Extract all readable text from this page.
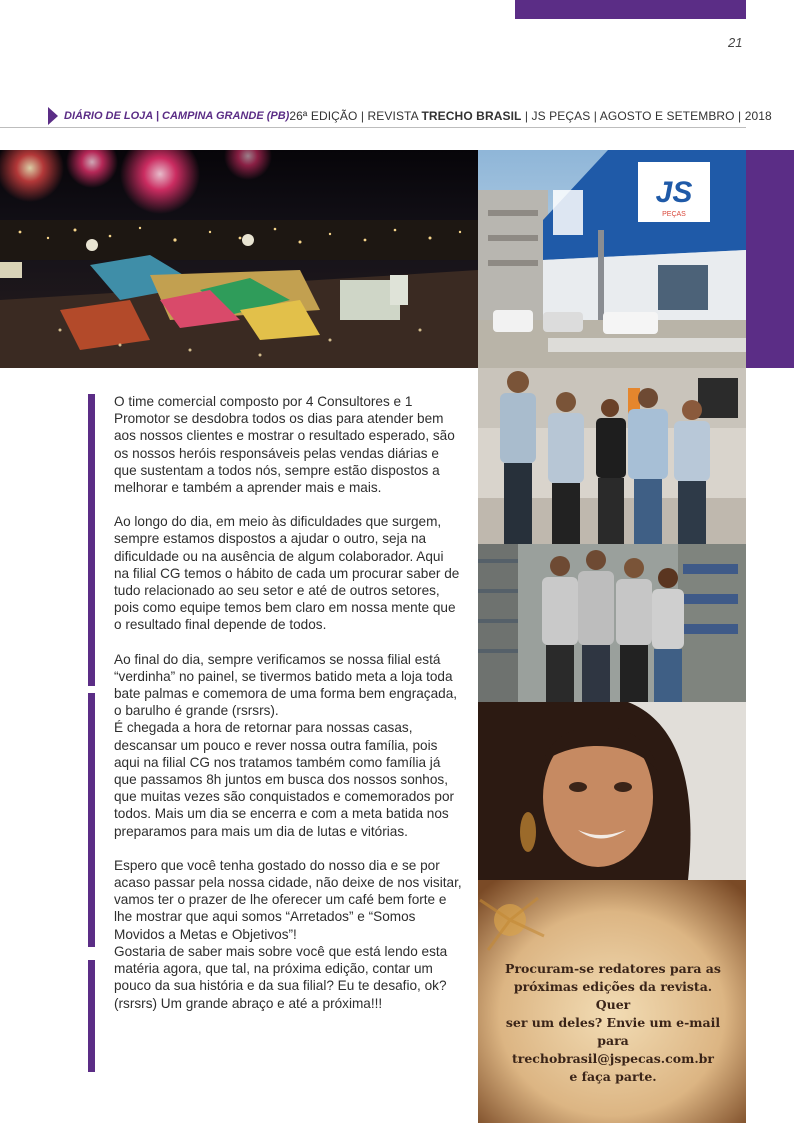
21
DIÁRIO DE LOJA | CAMPINA GRANDE (PB) 26ª EDIÇÃO | REVISTA TRECHO BRASIL | JS PEÇAS | AGOSTO E SETEMBRO | 2018
JS
PEÇAS
Procuram-se redatores para as
próximas edições da revista. Quer
ser um deles? Envie um e-mail
para trechobrasil@jspecas.com.br
e faça parte.

O time comercial composto por 4 Consultores e 1 Promotor se desdobra todos os dias para atender bem aos nossos clientes e mostrar o resultado esperado, são os nossos heróis responsáveis pelas vendas diárias e que sustentam a todos nós, sempre estão dispostos a melhorar e também a aprender mais e mais.

Ao longo do dia, em meio às dificuldades que surgem, sempre estamos dispostos a ajudar o outro, seja na dificuldade ou na ausência de algum colaborador. Aqui na filial CG temos o hábito de cada um procurar saber de tudo relacionado ao seu setor e até de outros setores, pois como equipe temos bem claro em nossa mente que o resultado final depende de todos.

Ao final do dia, sempre verificamos se nossa filial está “verdinha” no painel, se tivermos batido meta a loja toda bate palmas e comemora de uma forma bem engraçada, o barulho é grande (rsrsrs).

É chegada a hora de retornar para nossas casas, descansar um pouco e rever nossa outra família, pois aqui na filial CG nos tratamos também como família já que passamos 8h juntos em busca dos nossos sonhos, que muitas vezes são conquistados e comemorados por todos. Mais um dia se encerra e com a meta batida nos preparamos para mais um dia de lutas e vitórias.

Espero que você tenha gostado do nosso dia e se por acaso passar pela nossa cidade, não deixe de nos visitar, vamos ter o prazer de lhe oferecer um café bem forte e lhe mostrar que aqui somos “Arretados” e “Somos Movidos a Metas e Objetivos”!

Gostaria de saber mais sobre você que está lendo esta matéria agora, que tal, na próxima edição, contar um pouco da sua história e da sua filial? Eu te desafio, ok? (rsrsrs) Um grande abraço e até a próxima!!!
